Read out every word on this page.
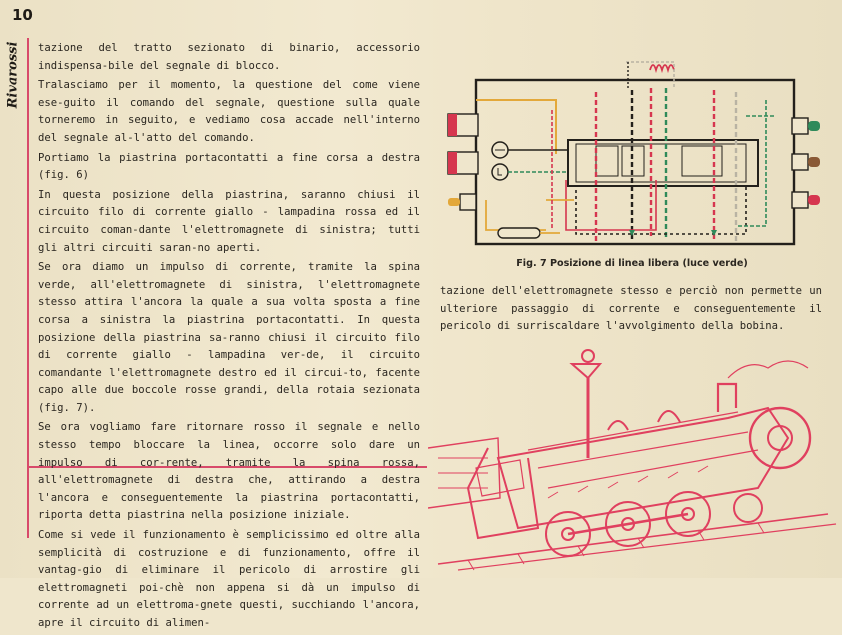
10
Rivarossi tazione del tratto sezionato di binario, accessorio indispensa-bile del segnale di blocco.

Tralasciamo per il momento, la questione del come viene ese-guito il comando del segnale, questione sulla quale torneremo in seguito, e vediamo cosa accade nell'interno del segnale al-l'atto del comando.

Portiamo la piastrina portacontatti a fine corsa a destra (fig. 6)

In questa posizione della piastrina, saranno chiusi il circuito filo di corrente giallo - lampadina rossa ed il circuito coman-dante l'elettromagnete di sinistra; tutti gli altri circuiti saran-no aperti.

Se ora diamo un impulso di corrente, tramite la spina verde, all'elettromagnete di sinistra, l'elettromagnete stesso attira l'ancora la quale a sua volta sposta a fine corsa a sinistra la piastrina portacontatti. In questa posizione della piastrina sa-ranno chiusi il circuito filo di corrente giallo - lampadina ver-de, il circuito comandante l'elettromagnete destro ed il circui-to, facente capo alle due boccole rosse grandi, della rotaia sezionata (fig. 7).

Se ora vogliamo fare ritornare rosso il segnale e nello stesso tempo bloccare la linea, occorre solo dare un impulso di cor-rente, tramite la spina rossa, all'elettromagnete di destra che, attirando a destra l'ancora e conseguentemente la piastrina portacontatti, riporta detta piastrina nella posizione iniziale.

Come si vede il funzionamento è semplicissimo ed oltre alla semplicità di costruzione e di funzionamento, offre il vantag-gio di eliminare il pericolo di arrostire gli elettromagneti poi-chè non appena si dà un impulso di corrente ad un elettroma-gnete questi, succhiando l'ancora, apre il circuito di alimen-

Fig. 7 Posizione di linea libera (luce verde)

tazione dell'elettromagnete stesso e perciò non permette un ulteriore passaggio di corrente e conseguentemente il pericolo di surriscaldare l'avvolgimento della bobina.
